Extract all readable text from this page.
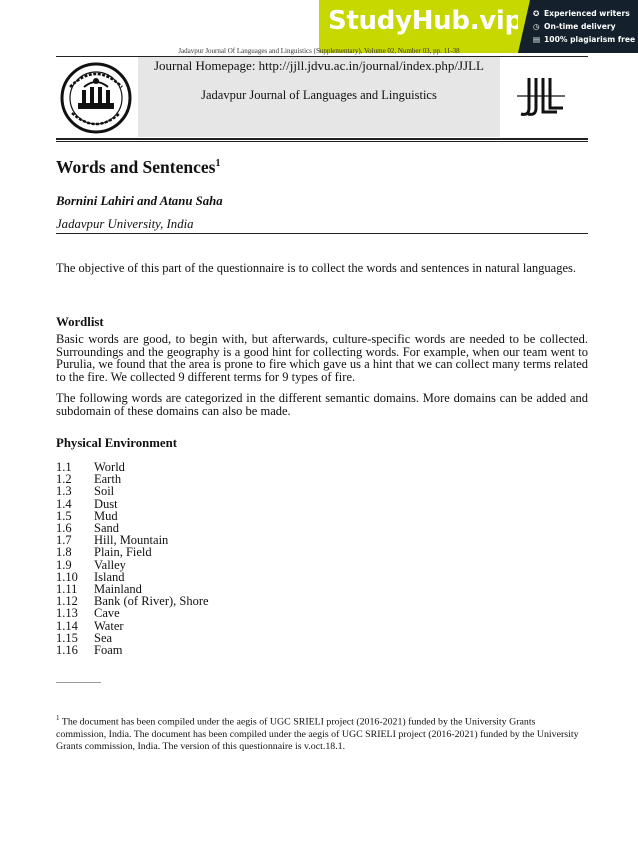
StudyHub.vip ✪ Experienced writers
◷ On-time delivery
▤ 100% plagiarism free
Jadavpur Journal Of Languages and Linguistics (Supplementary), Volume 02, Number 03, pp. 11-38
Journal Homepage: http://jjll.jdvu.ac.in/journal/index.php/JJLL
Jadavpur Journal of Languages and Linguistics
Words and Sentences$^1$
Bornini Lahiri and Atanu Saha
Jadavpur University, India
The objective of this part of the questionnaire is to collect the words and sentences in natural languages.
Wordlist
Basic words are good, to begin with, but afterwards, culture-specific words are needed to be collected. Surroundings and the geography is a good hint for collecting words. For example, when our team went to Purulia, we found that the area is prone to fire which gave us a hint that we can collect many terms related to the fire. We collected 9 different terms for 9 types of fire.
The following words are categorized in the different semantic domains. More domains can be added and subdomain of these domains can also be made.
Physical Environment
1.1	World
1.2	Earth
1.3	Soil
1.4	Dust
1.5	Mud
1.6	Sand
1.7	Hill, Mountain
1.8	Plain, Field
1.9	Valley
1.10	Island
1.11	Mainland
1.12	Bank (of River), Shore
1.13	Cave
1.14	Water
1.15	Sea
1.16	Foam
$^1$ The document has been compiled under the aegis of UGC SRIELI project (2016-2021) funded by the University Grants commission, India. The document has been compiled under the aegis of UGC SRIELI project (2016-2021) funded by the University Grants commission, India. The version of this questionnaire is v.oct.18.1.
